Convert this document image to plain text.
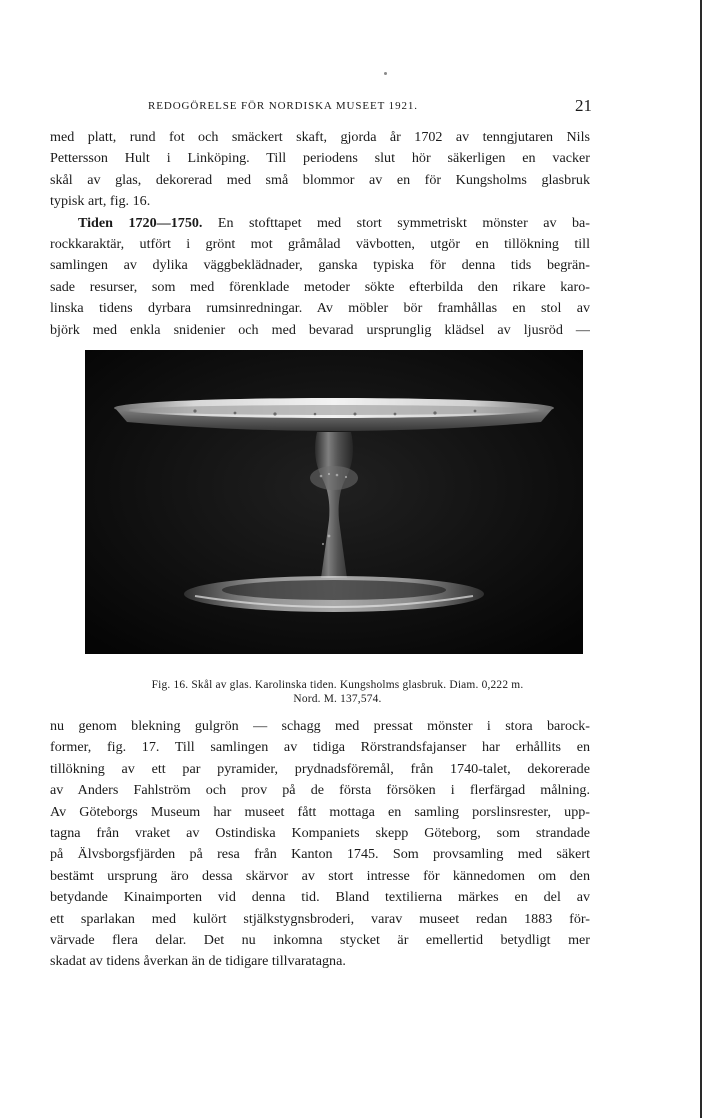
REDOGÖRELSE FÖR NORDISKA MUSEET 1921.	21
med platt, rund fot och smäckert skaft, gjorda år 1702 av tenngjutaren Nils
Pettersson Hult i Linköping. Till periodens slut hör säkerligen en vacker
skål av glas, dekorerad med små blommor av en för Kungsholms glasbruk
typisk art, fig. 16.
Tiden 1720—1750. En stofttapet med stort symmetriskt mönster av ba-
rockkaraktär, utfört i grönt mot gråmålad vävbotten, utgör en tillökning till
samlingen av dylika väggbeklädnader, ganska typiska för denna tids begrän-
sade resurser, som med förenklade metoder sökte efterbilda den rikare karo-
linska tidens dyrbara rumsinredningar. Av möbler bör framhållas en stol av
björk med enkla snidenier och med bevarad ursprunglig klädsel av ljusröd —
Fig. 16. Skål av glas. Karolinska tiden. Kungsholms glasbruk. Diam. 0,222 m.
Nord. M. 137,574.
nu genom blekning gulgrön — schagg med pressat mönster i stora barock-
former, fig. 17. Till samlingen av tidiga Rörstrandsfajanser har erhållits en
tillökning av ett par pyramider, prydnadsföremål, från 1740-talet, dekorerade
av Anders Fahlström och prov på de första försöken i flerfärgad målning.
Av Göteborgs Museum har museet fått mottaga en samling porslinsrester, upp-
tagna från vraket av Ostindiska Kompaniets skepp Göteborg, som strandade
på Älvsborgsfjärden på resa från Kanton 1745. Som provsamling med säkert
bestämt ursprung äro dessa skärvor av stort intresse för kännedomen om den
betydande Kinaimporten vid denna tid. Bland textilierna märkes en del av
ett sparlakan med kulört stjälkstygnsbroderi, varav museet redan 1883 för-
värvade flera delar. Det nu inkomna stycket är emellertid betydligt mer
skadat av tidens åverkan än de tidigare tillvaratagna.
